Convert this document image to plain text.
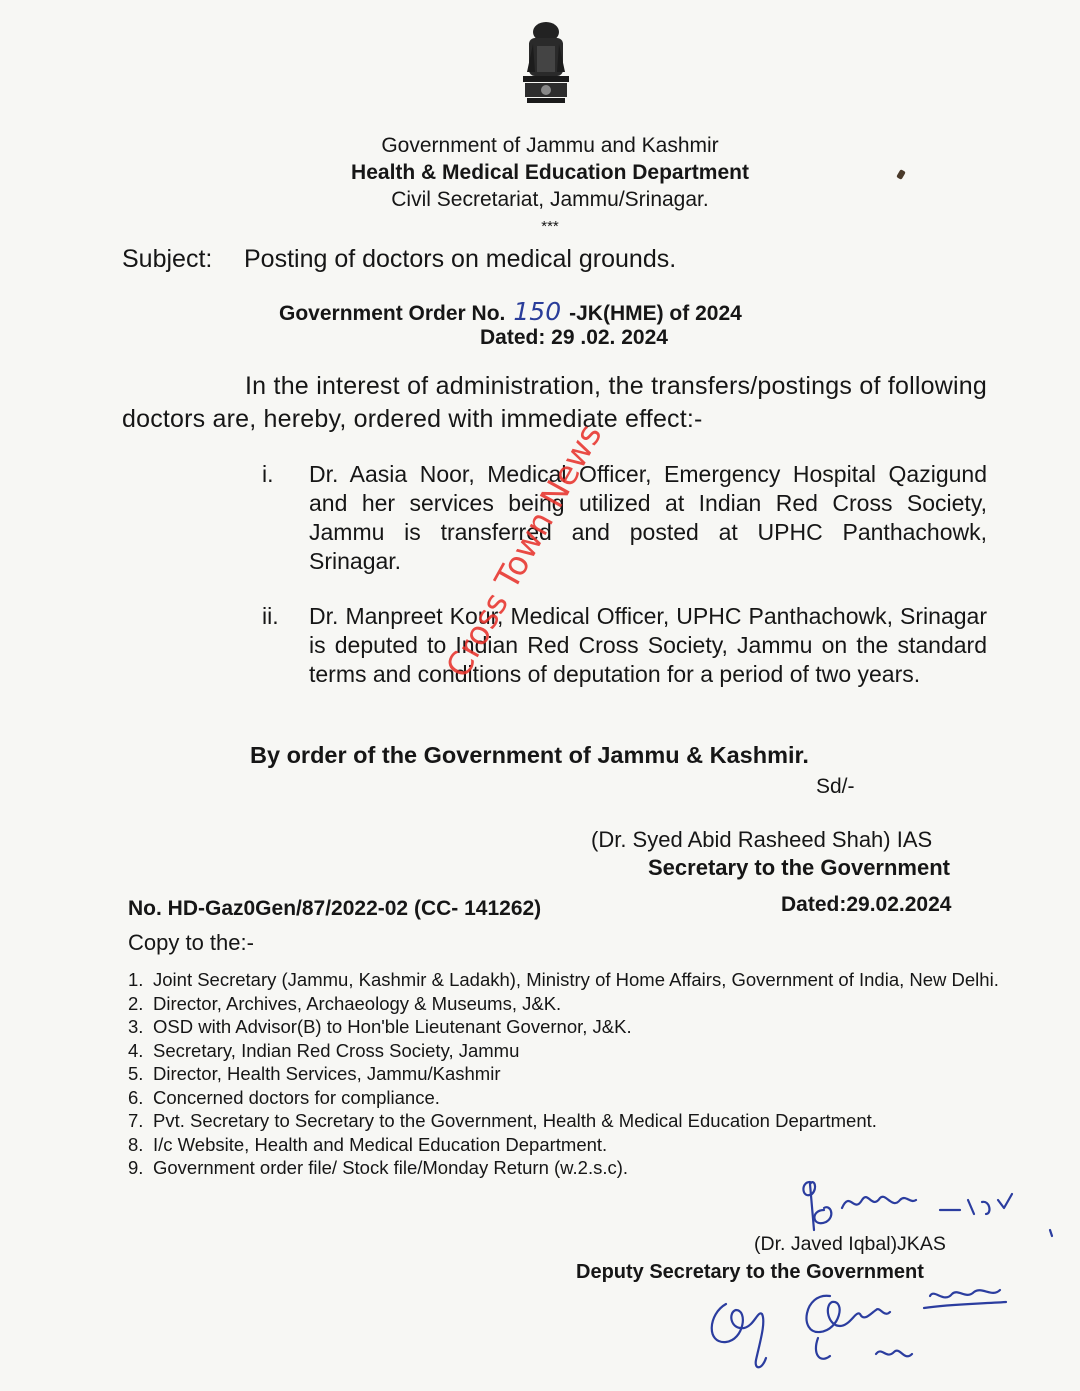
Government of Jammu and Kashmir
Health & Medical Education Department
Civil Secretariat, Jammu/Srinagar.
***
Subject: Posting of doctors on medical grounds.
Government Order No. 150 -JK(HME) of 2024
Dated: 29 .02. 2024
In the interest of administration, the transfers/postings of following doctors are, hereby, ordered with immediate effect:-
i. Dr. Aasia Noor, Medical Officer, Emergency Hospital Qazigund and her services being utilized at Indian Red Cross Society, Jammu is transferred and posted at UPHC Panthachowk, Srinagar.
ii. Dr. Manpreet Kour, Medical Officer, UPHC Panthachowk, Srinagar is deputed to Indian Red Cross Society, Jammu on the standard terms and conditions of deputation for a period of two years.
Cross Town News
By order of the Government of Jammu & Kashmir.
Sd/-
(Dr. Syed Abid Rasheed Shah) IAS
Secretary to the Government
No. HD-Gaz0Gen/87/2022-02 (CC- 141262)	Dated:29.02.2024
Copy to the:-
1. Joint Secretary (Jammu, Kashmir & Ladakh), Ministry of Home Affairs, Government of India, New Delhi.
2. Director, Archives, Archaeology & Museums, J&K.
3. OSD with Advisor(B) to Hon'ble Lieutenant Governor, J&K.
4. Secretary, Indian Red Cross Society, Jammu
5. Director, Health Services, Jammu/Kashmir
6. Concerned doctors for compliance.
7. Pvt. Secretary to Secretary to the Government, Health & Medical Education Department.
8. I/c Website, Health and Medical Education Department.
9. Government order file/ Stock file/Monday Return (w.2.s.c).
(Dr. Javed Iqbal)JKAS
Deputy Secretary to the Government
